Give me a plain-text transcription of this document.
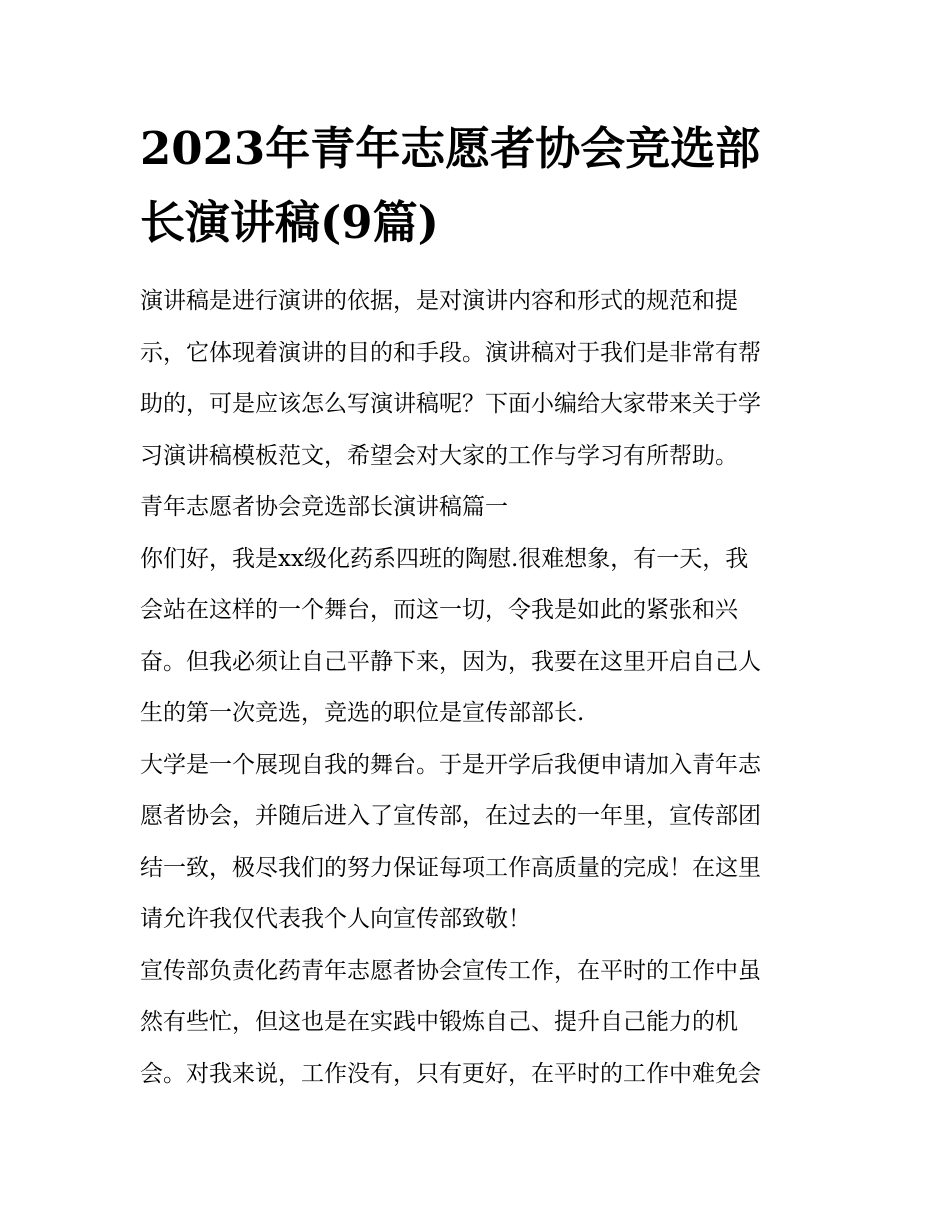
2023年青年志愿者协会竞选部
长演讲稿(9篇)

演讲稿是进行演讲的依据，是对演讲内容和形式的规范和提
示，它体现着演讲的目的和手段。演讲稿对于我们是非常有帮
助的，可是应该怎么写演讲稿呢？下面小编给大家带来关于学
习演讲稿模板范文，希望会对大家的工作与学习有所帮助。

青年志愿者协会竞选部长演讲稿篇一

你们好，我是xx级化药系四班的陶慰.很难想象，有一天，我
会站在这样的一个舞台，而这一切，令我是如此的紧张和兴
奋。但我必须让自己平静下来，因为，我要在这里开启自己人
生的第一次竞选，竞选的职位是宣传部部长.

大学是一个展现自我的舞台。于是开学后我便申请加入青年志
愿者协会，并随后进入了宣传部，在过去的一年里，宣传部团
结一致，极尽我们的努力保证每项工作高质量的完成！在这里
请允许我仅代表我个人向宣传部致敬！

宣传部负责化药青年志愿者协会宣传工作，在平时的工作中虽
然有些忙，但这也是在实践中锻炼自己、提升自己能力的机
会。对我来说，工作没有，只有更好，在平时的工作中难免会
